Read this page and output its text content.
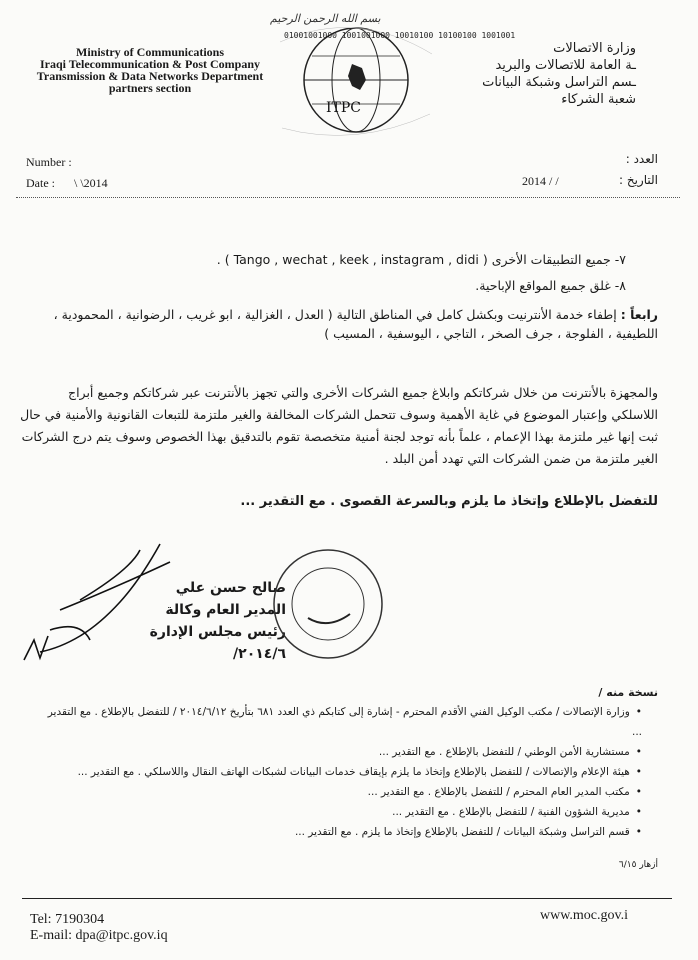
بسم الله الرحمن الرحيم
Ministry of Communications
Iraqi Telecommunication & Post Company
Transmission & Data Networks Department
partners section
ITPC
01001001000 1001001000 10010100 10100100 1001001
وزارة الاتصالات
ـة العامة للاتصالات والبريد
ـسم التراسل وشبكة البيانات
شعبة الشركاء
Number :
Date : \ \2014
العدد :
التاريخ :
2014 / /
٧- جميع التطبيقات الأخرى ( Tango , wechat , keek , instagram , didi ) .
٨- غلق جميع المواقع الإباحية.
رابعاً : إطفاء خدمة الأنترنيت وبكشل كامل في المناطق التالية ( العدل ، الغزالية ، ابو غريب ، الرضوانية ، المحمودية ، اللطيفية ، الفلوجة ، جرف الصخر ، التاجي ، اليوسفية ، المسيب )
والمجهزة بالأنترنت من خلال شركاتكم وابلاغ جميع الشركات الأخرى والتي تجهز بالأنترنت عبر شركاتكم وجميع أبراج اللاسلكي وإعتبار الموضوع في غاية الأهمية وسوف تتحمل الشركات المخالفة والغير ملتزمة للتبعات القانونية والأمنية في حال ثبت إنها غير ملتزمة بهذا الإعمام ، علماً بأنه توجد لجنة أمنية متخصصة تقوم بالتدقيق بهذا الخصوص وسوف يتم درج الشركات الغير ملتزمة من ضمن الشركات التي تهدد أمن البلد .
للتفضل بالإطلاع وإتخاذ ما يلزم وبالسرعة القصوى . مع التقدير ...
صالح حسن علي
المدير العام وكالة
رئيس مجلس الإدارة
٢٠١٤/٦/
نسخة منه /
• وزارة الإتصالات / مكتب الوكيل الفني الأقدم المحترم - إشارة إلى كتابكم ذي العدد ٦٨١ بتأريخ ٢٠١٤/٦/١٢ / للتفضل بالإطلاع . مع التقدير ...
• مستشارية الأمن الوطني / للتفضل بالإطلاع . مع التقدير ...
• هيئة الإعلام والإتصالات / للتفضل بالإطلاع وإتخاذ ما يلزم بإيقاف خدمات البيانات لشبكات الهاتف النقال واللاسلكي . مع التقدير ...
• مكتب المدير العام المحترم / للتفضل بالإطلاع . مع التقدير ...
• مديرية الشؤون الفنية / للتفضل بالإطلاع . مع التقدير ...
• قسم التراسل وشبكة البيانات / للتفضل بالإطلاع وإتخاذ ما يلزم . مع التقدير ...
أزهار ٦/١٥
Tel: 7190304
E-mail: dpa@itpc.gov.iq
www.moc.gov.i
